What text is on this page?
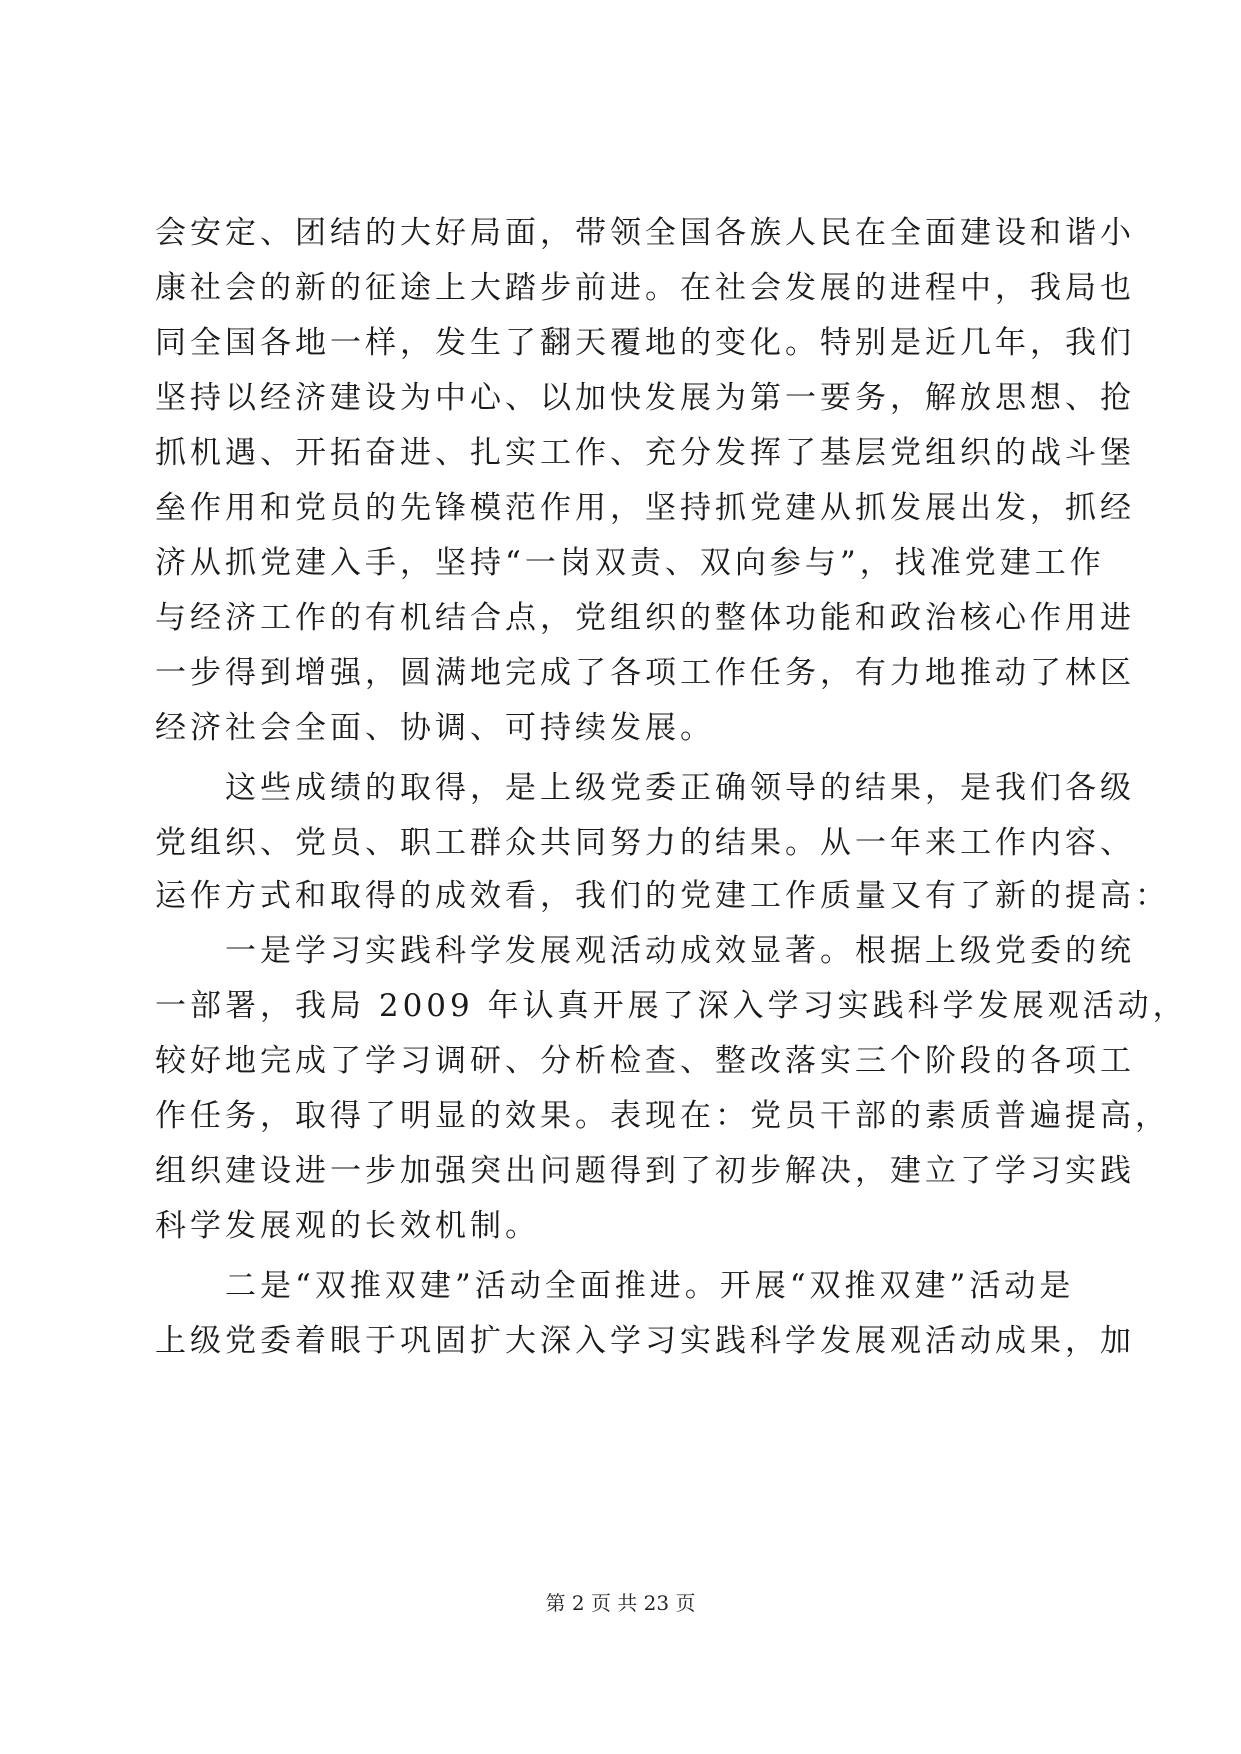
会安定、团结的大好局面，带领全国各族人民在全面建设和谐小
康社会的新的征途上大踏步前进。在社会发展的进程中，我局也
同全国各地一样，发生了翻天覆地的变化。特别是近几年，我们
坚持以经济建设为中心、以加快发展为第一要务，解放思想、抢
抓机遇、开拓奋进、扎实工作、充分发挥了基层党组织的战斗堡
垒作用和党员的先锋模范作用，坚持抓党建从抓发展出发，抓经
济从抓党建入手，坚持“一岗双责、双向参与”，找准党建工作
与经济工作的有机结合点，党组织的整体功能和政治核心作用进
一步得到增强，圆满地完成了各项工作任务，有力地推动了林区
经济社会全面、协调、可持续发展。
　　这些成绩的取得，是上级党委正确领导的结果，是我们各级
党组织、党员、职工群众共同努力的结果。从一年来工作内容、
运作方式和取得的成效看，我们的党建工作质量又有了新的提高：
　　一是学习实践科学发展观活动成效显著。根据上级党委的统
一部署，我局 2009 年认真开展了深入学习实践科学发展观活动，
较好地完成了学习调研、分析检查、整改落实三个阶段的各项工
作任务，取得了明显的效果。表现在：党员干部的素质普遍提高，
组织建设进一步加强突出问题得到了初步解决，建立了学习实践
科学发展观的长效机制。
　　二是“双推双建”活动全面推进。开展“双推双建”活动是
上级党委着眼于巩固扩大深入学习实践科学发展观活动成果，加
第 2 页 共 23 页
